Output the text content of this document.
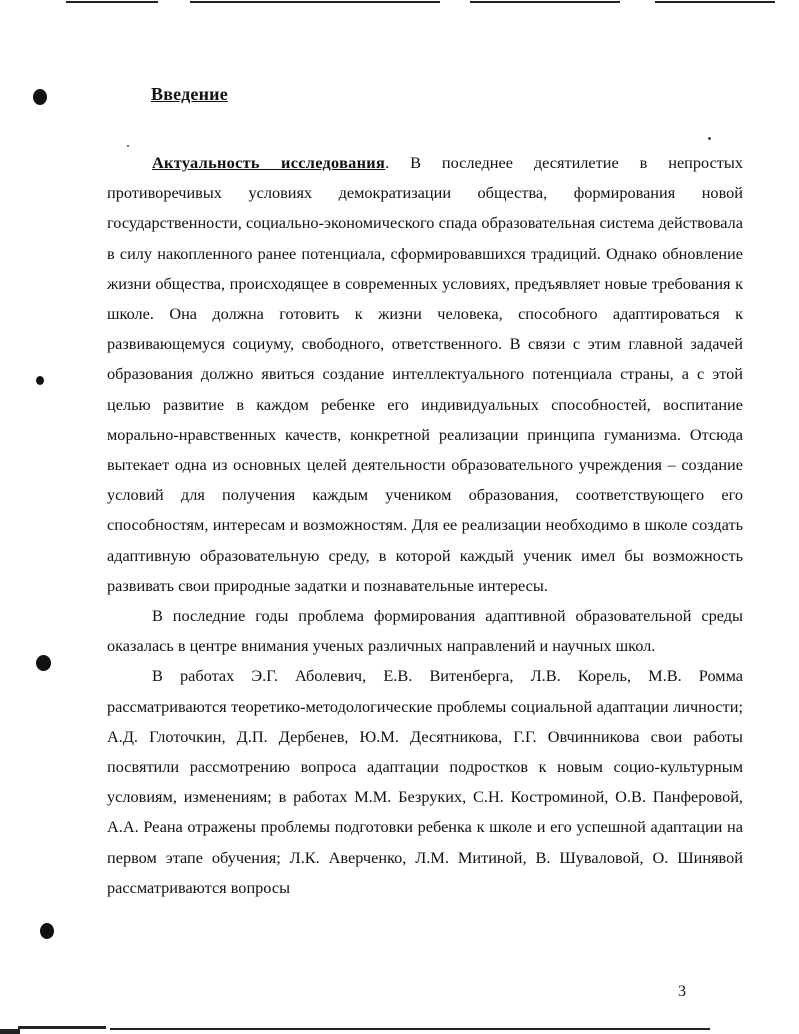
Введение

Актуальность исследования. В последнее десятилетие в непростых противоречивых условиях демократизации общества, формирования новой государственности, социально-экономического спада образовательная система действовала в силу накопленного ранее потенциала, сформировавшихся традиций. Однако обновление жизни общества, происходящее в современных условиях, предъявляет новые требования к школе. Она должна готовить к жизни человека, способного адаптироваться к развивающемуся социуму, свободного, ответственного. В связи с этим главной задачей образования должно явиться создание интеллектуального потенциала страны, а с этой целью развитие в каждом ребенке его индивидуальных способностей, воспитание морально-нравственных качеств, конкретной реализации принципа гуманизма. Отсюда вытекает одна из основных целей деятельности образовательного учреждения – создание условий для получения каждым учеником образования, соответствующего его способностям, интересам и возможностям. Для ее реализации необходимо в школе создать адаптивную образовательную среду, в которой каждый ученик имел бы возможность развивать свои природные задатки и познавательные интересы.

В последние годы проблема формирования адаптивной образовательной среды оказалась в центре внимания ученых различных направлений и научных школ.

В работах Э.Г. Аболевич, Е.В. Витенберга, Л.В. Корель, М.В. Ромма рассматриваются теоретико-методологические проблемы социальной адаптации личности; А.Д. Глоточкин, Д.П. Дербенев, Ю.М. Десятникова, Г.Г. Овчинникова свои работы посвятили рассмотрению вопроса адаптации подростков к новым социо-культурным условиям, изменениям; в работах М.М. Безруких, С.Н. Костроминой, О.В. Панферовой, А.А. Реана отражены проблемы подготовки ребенка к школе и его успешной адаптации на первом этапе обучения; Л.К. Аверченко, Л.М. Митиной, В. Шуваловой, О. Шинявой рассматриваются вопросы

3
